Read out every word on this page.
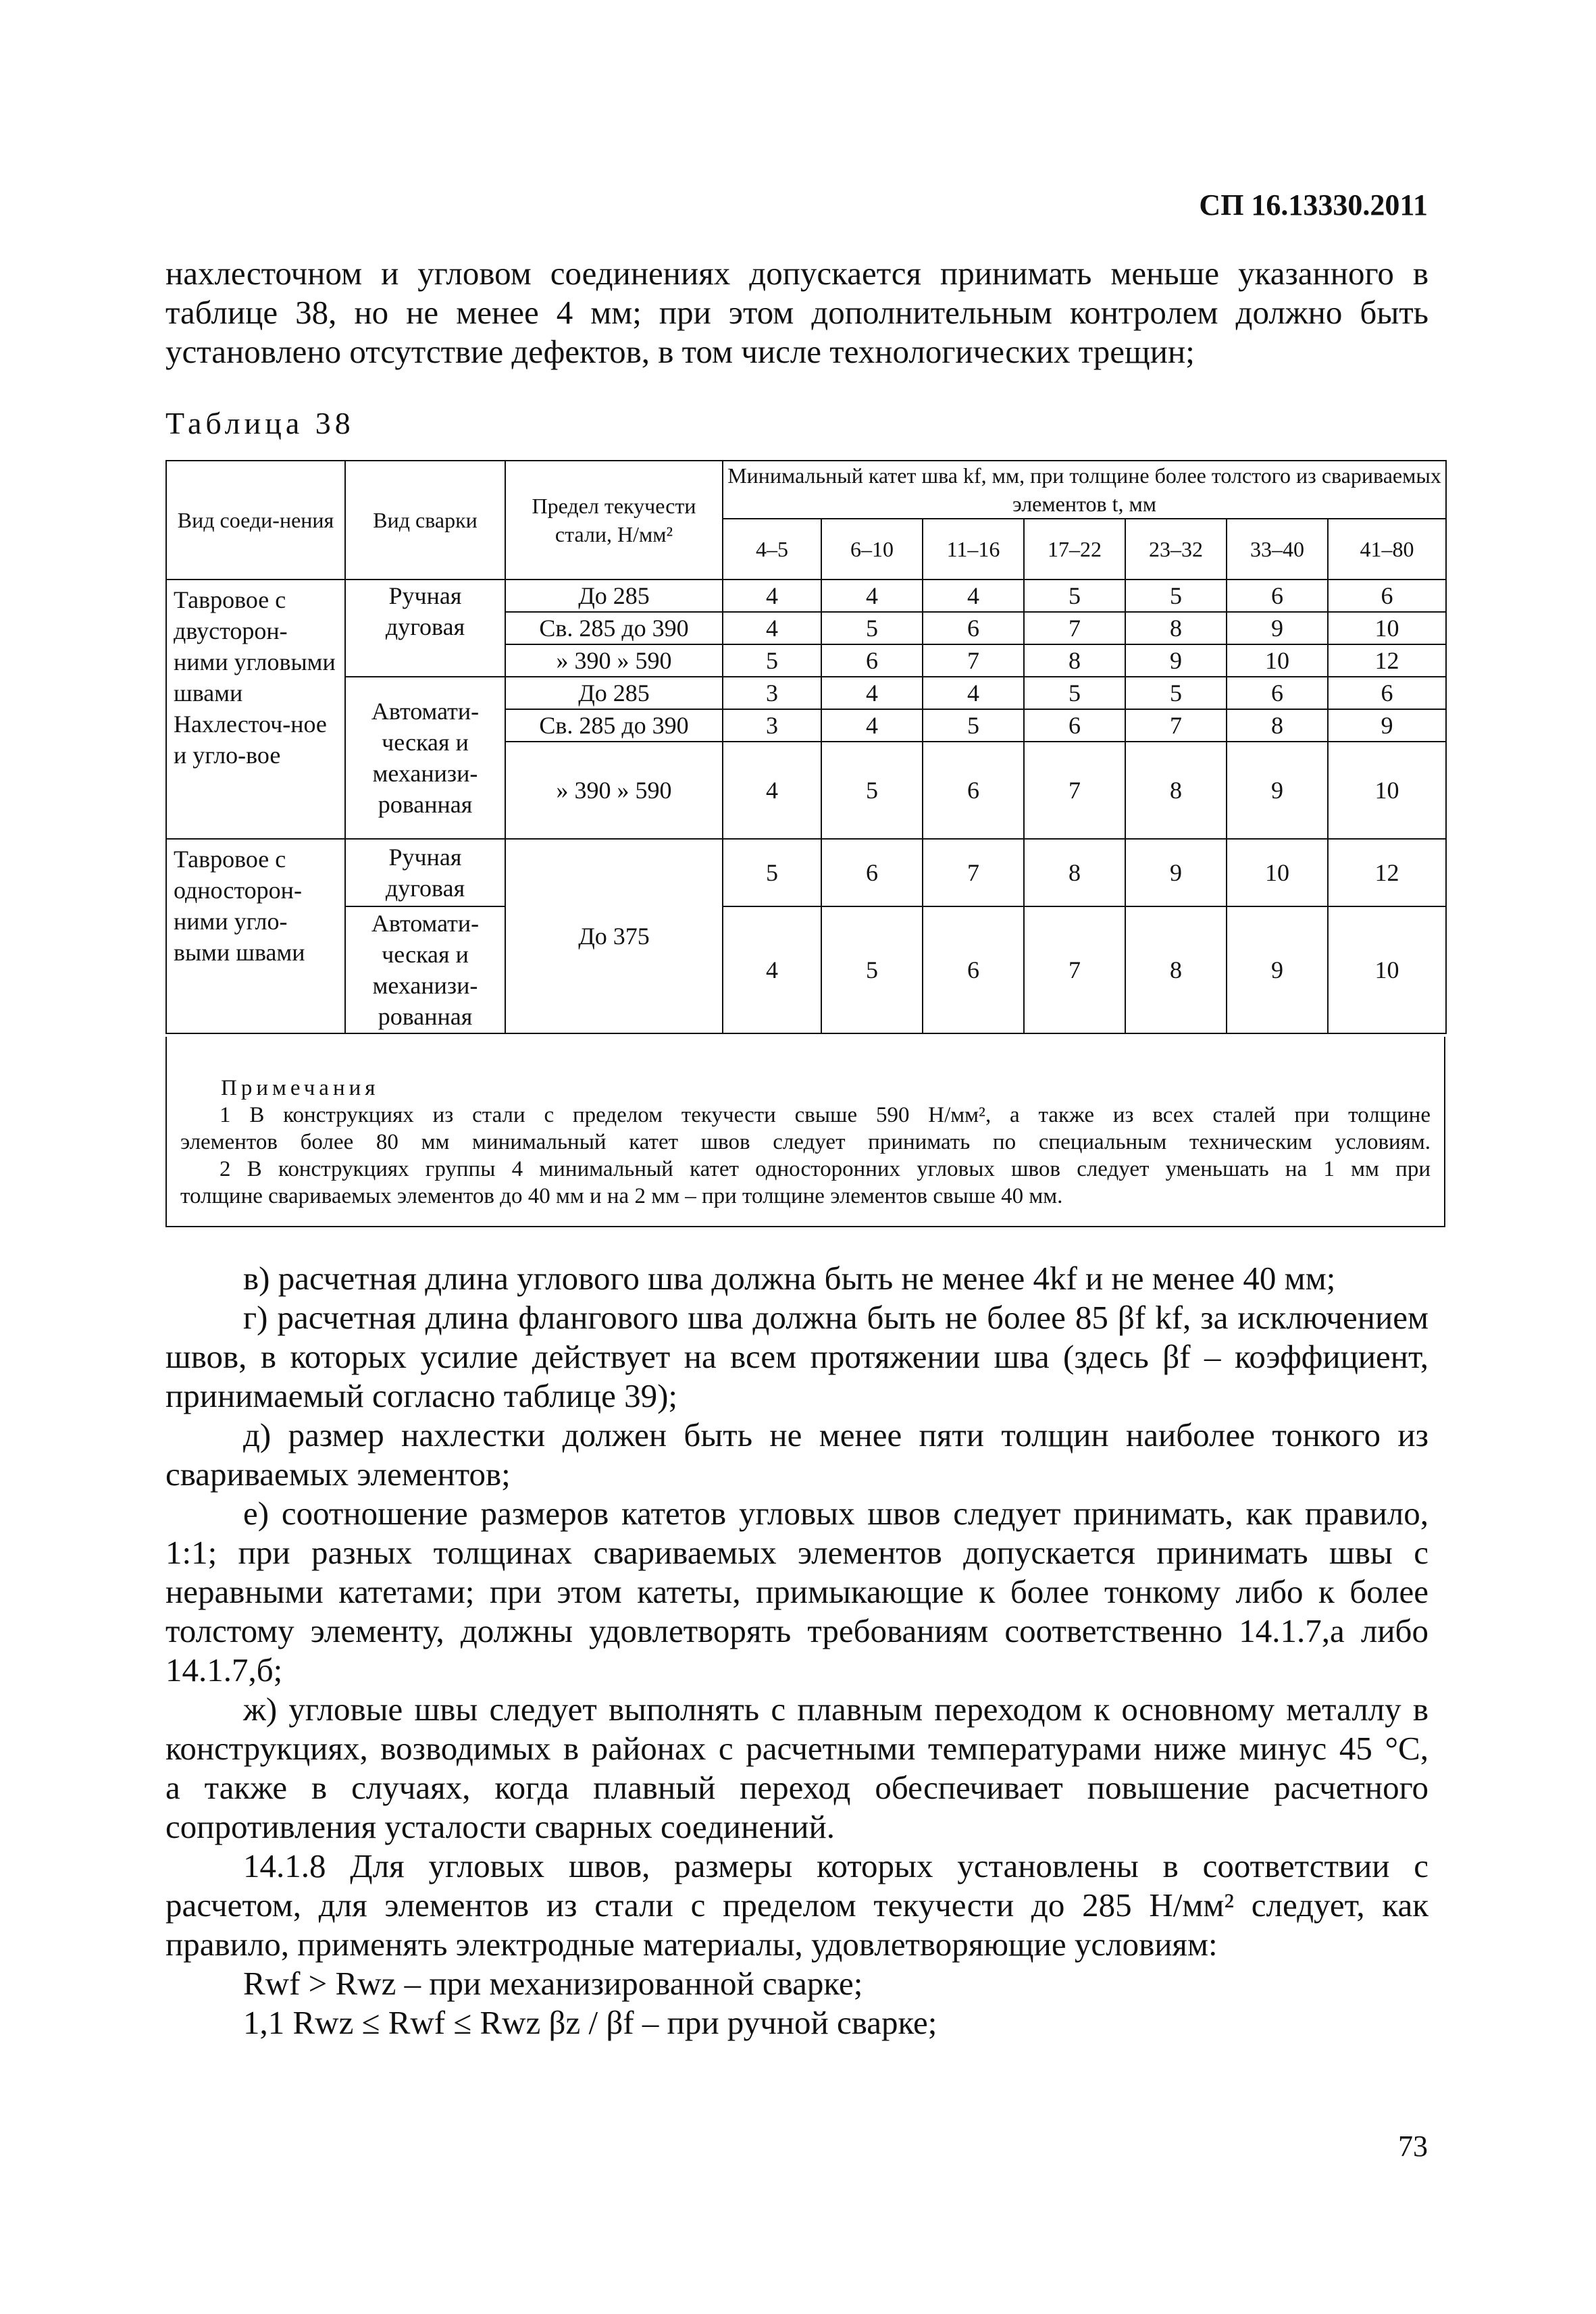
СП 16.13330.2011
нахлесточном и угловом соединениях допускается принимать меньше указанного в
таблице 38, но не менее 4 мм; при этом дополнительным контролем должно быть
установлено отсутствие дефектов, в том числе технологических трещин;
Таблица 38
Вид соеди-нения	Вид сварки	Предел текучести стали, Н/мм²	Минимальный катет шва kf, мм, при толщине более толстого из свариваемых элементов t, мм						
			4–5	6–10	11–16	17–22	23–32	33–40	41–80
Тавровое с двусторон-ними угловыми швами Нахлесточ-ное и угло-вое	Ручная дуговая	До 285	4	4	4	5	5	6	6
		Св. 285 до 390	4	5	6	7	8	9	10
		» 390 » 590	5	6	7	8	9	10	12
	Автомати-ческая и механизи-рованная	До 285	3	4	4	5	5	6	6
		Св. 285 до 390	3	4	5	6	7	8	9
		» 390 » 590	4	5	6	7	8	9	10
Тавровое с односторон-ними угло-выми швами	Ручная дуговая	До 375	5	6	7	8	9	10	12
	Автомати-ческая и механизи-рованная		4	5	6	7	8	9	10
Примечания
1 В конструкциях из стали с пределом текучести свыше 590 Н/мм², а также из всех сталей при толщине
элементов более 80 мм минимальный катет швов следует принимать по специальным техническим условиям.
2 В конструкциях группы 4 минимальный катет односторонних угловых швов следует уменьшать на 1 мм при
толщине свариваемых элементов до 40 мм и на 2 мм – при толщине элементов свыше 40 мм.
в) расчетная длина углового шва должна быть не менее 4kf и не менее 40 мм;
г) расчетная длина флангового шва должна быть не более 85 βf kf, за исключением
швов, в которых усилие действует на всем протяжении шва (здесь βf – коэффициент,
принимаемый согласно таблице 39);
д) размер нахлестки должен быть не менее пяти толщин наиболее тонкого из
свариваемых элементов;
е) соотношение размеров катетов угловых швов следует принимать, как правило,
1:1; при разных толщинах свариваемых элементов допускается принимать швы с
неравными катетами; при этом катеты, примыкающие к более тонкому либо к более
толстому элементу, должны удовлетворять требованиям соответственно 14.1.7,а либо
14.1.7,б;
ж) угловые швы следует выполнять с плавным переходом к основному металлу в
конструкциях, возводимых в районах с расчетными температурами ниже минус 45 °С,
а также в случаях, когда плавный переход обеспечивает повышение расчетного
сопротивления усталости сварных соединений.
14.1.8 Для угловых швов, размеры которых установлены в соответствии с
расчетом, для элементов из стали с пределом текучести до 285 Н/мм² следует, как
правило, применять электродные материалы, удовлетворяющие условиям:
Rwf > Rwz – при механизированной сварке;
1,1 Rwz ≤ Rwf ≤ Rwz βz / βf – при ручной сварке;
73
